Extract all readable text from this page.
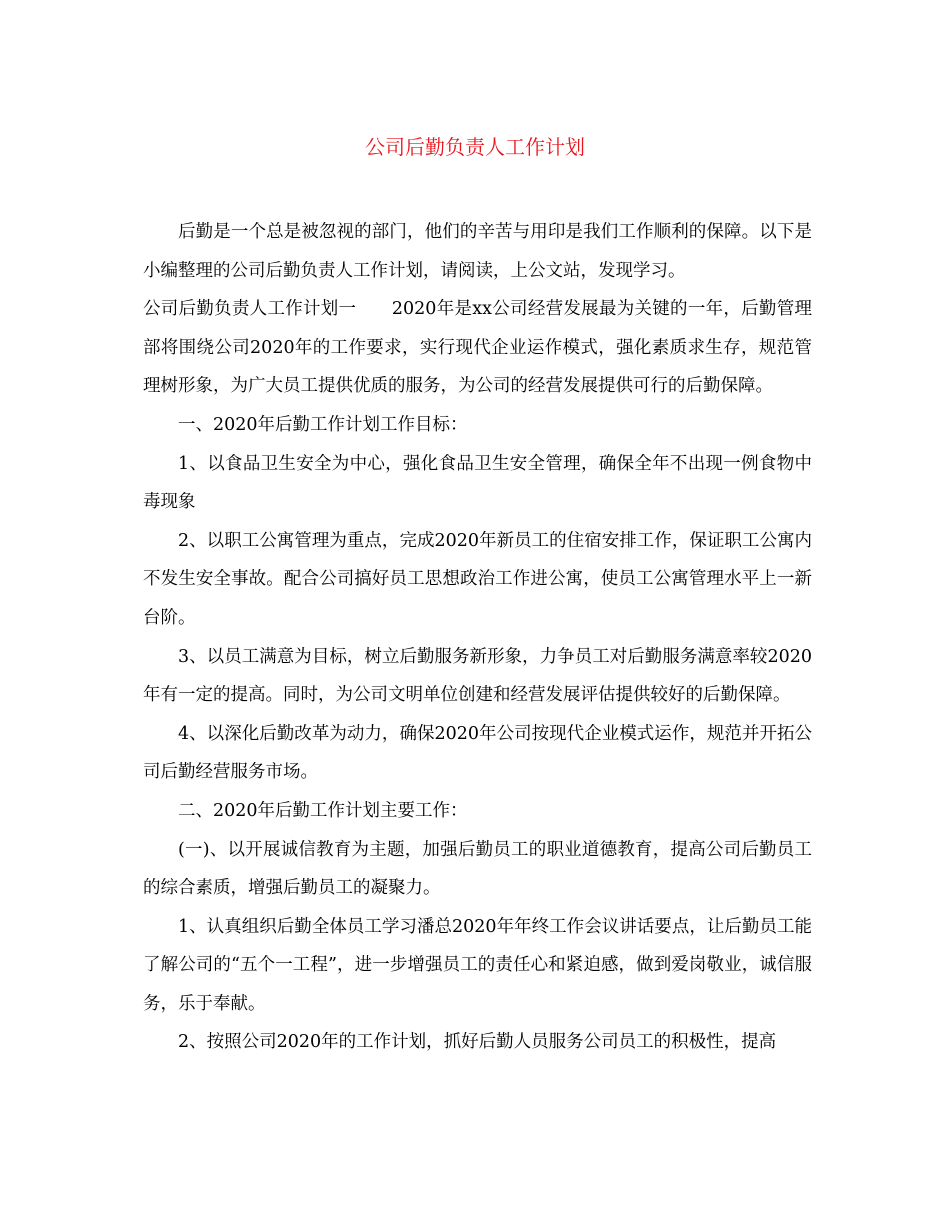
公司后勤负责人工作计划

后勤是一个总是被忽视的部门，他们的辛苦与用印是我们工作顺利的保障。以下是小编整理的公司后勤负责人工作计划，请阅读，上公文站，发现学习。

公司后勤负责人工作计划一　　2020年是xx公司经营发展最为关键的一年，后勤管理部将围绕公司2020年的工作要求，实行现代企业运作模式，强化素质求生存，规范管理树形象，为广大员工提供优质的服务，为公司的经营发展提供可行的后勤保障。

一、2020年后勤工作计划工作目标：

1、以食品卫生安全为中心，强化食品卫生安全管理，确保全年不出现一例食物中毒现象

2、以职工公寓管理为重点，完成2020年新员工的住宿安排工作，保证职工公寓内不发生安全事故。配合公司搞好员工思想政治工作进公寓，使员工公寓管理水平上一新台阶。

3、以员工满意为目标，树立后勤服务新形象，力争员工对后勤服务满意率较2020年有一定的提高。同时，为公司文明单位创建和经营发展评估提供较好的后勤保障。

4、以深化后勤改革为动力，确保2020年公司按现代企业模式运作，规范并开拓公司后勤经营服务市场。

二、2020年后勤工作计划主要工作：

(一)、以开展诚信教育为主题，加强后勤员工的职业道德教育，提高公司后勤员工的综合素质，增强后勤员工的凝聚力。

1、认真组织后勤全体员工学习潘总2020年年终工作会议讲话要点，让后勤员工能了解公司的“五个一工程”，进一步增强员工的责任心和紧迫感，做到爱岗敬业，诚信服务，乐于奉献。

2、按照公司2020年的工作计划，抓好后勤人员服务公司员工的积极性，提高
